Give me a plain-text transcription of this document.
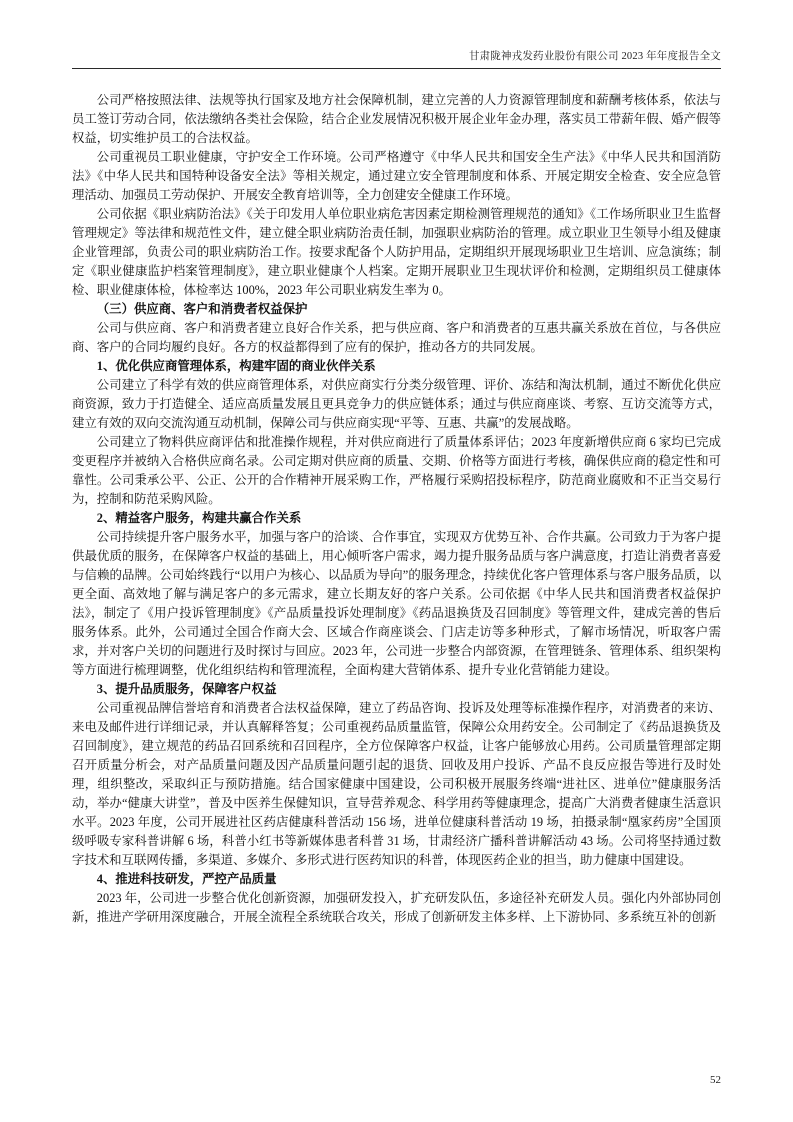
甘肃陇神戎发药业股份有限公司 2023 年年度报告全文

公司严格按照法律、法规等执行国家及地方社会保障机制，建立完善的人力资源管理制度和薪酬考核体系，依法与员工签订劳动合同，依法缴纳各类社会保险，结合企业发展情况积极开展企业年金办理，落实员工带薪年假、婚产假等权益，切实维护员工的合法权益。

公司重视员工职业健康，守护安全工作环境。公司严格遵守《中华人民共和国安全生产法》《中华人民共和国消防法》《中华人民共和国特种设备安全法》等相关规定，通过建立安全管理制度和体系、开展定期安全检查、安全应急管理活动、加强员工劳动保护、开展安全教育培训等，全力创建安全健康工作环境。

公司依据《职业病防治法》《关于印发用人单位职业病危害因素定期检测管理规范的通知》《工作场所职业卫生监督管理规定》等法律和规范性文件，建立健全职业病防治责任制，加强职业病防治的管理。成立职业卫生领导小组及健康企业管理部，负责公司的职业病防治工作。按要求配备个人防护用品，定期组织开展现场职业卫生培训、应急演练；制定《职业健康监护档案管理制度》，建立职业健康个人档案。定期开展职业卫生现状评价和检测，定期组织员工健康体检、职业健康体检，体检率达 100%，2023 年公司职业病发生率为 0。

（三）供应商、客户和消费者权益保护

公司与供应商、客户和消费者建立良好合作关系，把与供应商、客户和消费者的互惠共赢关系放在首位，与各供应商、客户的合同均履约良好。各方的权益都得到了应有的保护，推动各方的共同发展。

1、优化供应商管理体系，构建牢固的商业伙伴关系

公司建立了科学有效的供应商管理体系，对供应商实行分类分级管理、评价、冻结和淘汰机制，通过不断优化供应商资源，致力于打造健全、适应高质量发展且更具竞争力的供应链体系；通过与供应商座谈、考察、互访交流等方式，建立有效的双向交流沟通互动机制，保障公司与供应商实现“平等、互惠、共赢”的发展战略。

公司建立了物料供应商评估和批准操作规程，并对供应商进行了质量体系评估；2023 年度新增供应商 6 家均已完成变更程序并被纳入合格供应商名录。公司定期对供应商的质量、交期、价格等方面进行考核，确保供应商的稳定性和可靠性。公司秉承公平、公正、公开的合作精神开展采购工作，严格履行采购招投标程序，防范商业腐败和不正当交易行为，控制和防范采购风险。

2、精益客户服务，构建共赢合作关系

公司持续提升客户服务水平，加强与客户的洽谈、合作事宜，实现双方优势互补、合作共赢。公司致力于为客户提供最优质的服务，在保障客户权益的基础上，用心倾听客户需求，竭力提升服务品质与客户满意度，打造让消费者喜爱与信赖的品牌。公司始终践行“以用户为核心、以品质为导向”的服务理念，持续优化客户管理体系与客户服务品质，以更全面、高效地了解与满足客户的多元需求，建立长期友好的客户关系。公司依据《中华人民共和国消费者权益保护法》，制定了《用户投诉管理制度》《产品质量投诉处理制度》《药品退换货及召回制度》等管理文件，建成完善的售后服务体系。此外，公司通过全国合作商大会、区域合作商座谈会、门店走访等多种形式，了解市场情况，听取客户需求，并对客户关切的问题进行及时探讨与回应。2023 年，公司进一步整合内部资源，在管理链条、管理体系、组织架构等方面进行梳理调整，优化组织结构和管理流程，全面构建大营销体系、提升专业化营销能力建设。

3、提升品质服务，保障客户权益

公司重视品牌信誉培育和消费者合法权益保障，建立了药品咨询、投诉及处理等标准操作程序，对消费者的来访、来电及邮件进行详细记录，并认真解释答复；公司重视药品质量监管，保障公众用药安全。公司制定了《药品退换货及召回制度》，建立规范的药品召回系统和召回程序，全方位保障客户权益，让客户能够放心用药。公司质量管理部定期召开质量分析会，对产品质量问题及因产品质量问题引起的退货、回收及用户投诉、产品不良反应报告等进行及时处理，组织整改，采取纠正与预防措施。结合国家健康中国建设，公司积极开展服务终端“进社区、进单位”健康服务活动，举办“健康大讲堂”，普及中医养生保健知识，宣导营养观念、科学用药等健康理念，提高广大消费者健康生活意识水平。2023 年度，公司开展进社区药店健康科普活动 156 场，进单位健康科普活动 19 场，拍摄录制“凰家药房”全国顶级呼吸专家科普讲解 6 场，科普小红书等新媒体患者科普 31 场，甘肃经济广播科普讲解活动 43 场。公司将坚持通过数字技术和互联网传播，多渠道、多媒介、多形式进行医药知识的科普，体现医药企业的担当，助力健康中国建设。

4、推进科技研发，严控产品质量

2023 年，公司进一步整合优化创新资源，加强研发投入，扩充研发队伍，多途径补充研发人员。强化内外部协同创新，推进产学研用深度融合，开展全流程全系统联合攻关，形成了创新研发主体多样、上下游协同、多系统互补的创新

52
